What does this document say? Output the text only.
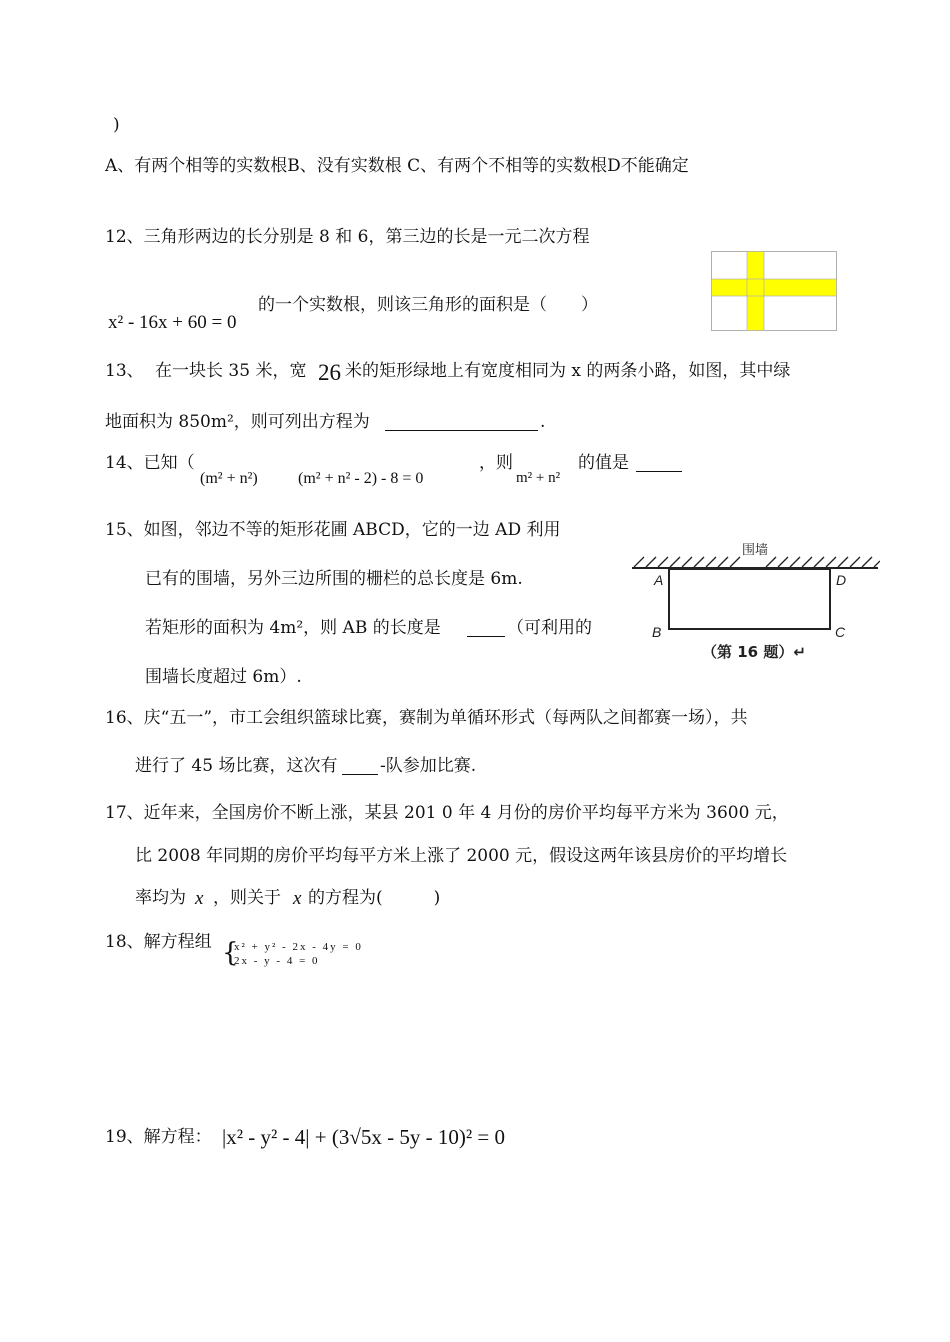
)
A、有两个相等的实数根B、没有实数根 C、有两个不相等的实数根D不能确定
12、三角形两边的长分别是 8 和 6，第三边的长是一元二次方程
x² - 16x + 60 = 0
的一个实数根，则该三角形的面积是（　　）
13、 在一块长 35 米，宽 26 米的矩形绿地上有宽度相同为 x 的两条小路，如图，其中绿
地面积为 850m²，则可列出方程为	.
14、已知（
(m² + n²)	(m² + n² - 2) - 8 = 0
，则
m² + n²
的值是
15、如图，邻边不等的矩形花圃 ABCD，它的一边 AD 利用
已有的围墙，另外三边所围的栅栏的总长度是 6m.
若矩形的面积为 4m²，则 AB 的长度是	（可利用的
围墙长度超过 6m）.
围墙
A	D
B	C
（第 16 题）↵
16、庆“五一”，市工会组织篮球比赛，赛制为单循环形式（每两队之间都赛一场），共
进行了 45 场比赛，这次有	-队参加比赛.
17、近年来，全国房价不断上涨，某县 201 0 年 4 月份的房价平均每平方米为 3600 元，
比 2008 年同期的房价平均每平方米上涨了 2000 元，假设这两年该县房价的平均增长
率均为 x ，则关于 x 的方程为(　　　)
18、解方程组 {
x² + y² - 2x - 4y = 0
2x - y - 4 = 0
19、解方程： |x² - y² - 4| + (3√5x - 5y - 10)² = 0
